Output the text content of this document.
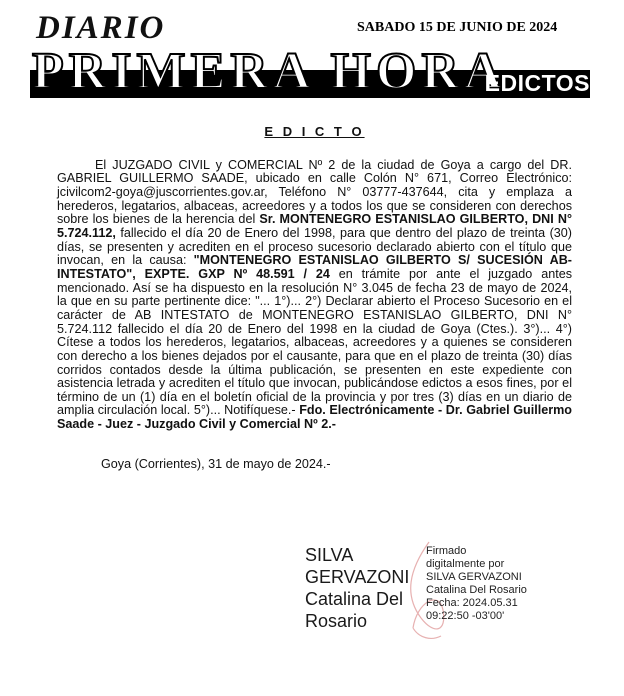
DIARIO	SABADO 15 DE JUNIO DE 2024
PRIMERA HORA
EDICTOS
E D I C T O

El JUZGADO CIVIL y COMERCIAL Nº 2 de la ciudad de Goya a cargo del DR. GABRIEL GUILLERMO SAADE, ubicado en calle Colón N° 671, Correo Electrónico: jcivilcom2-goya@juscorrientes.gov.ar, Teléfono N° 03777-437644, cita y emplaza a herederos, legatarios, albaceas, acreedores y a todos los que se consideren con derechos sobre los bienes de la herencia del Sr. MONTENEGRO ESTANISLAO GILBERTO, DNI N° 5.724.112, fallecido el día 20 de Enero del 1998, para que dentro del plazo de treinta (30) días, se presenten y acrediten en el proceso sucesorio declarado abierto con el título que invocan, en la causa: "MONTENEGRO ESTANISLAO GILBERTO S/ SUCESIÓN AB-INTESTATO", EXPTE. GXP Nº 48.591 / 24 en trámite por ante el juzgado antes mencionado. Así se ha dispuesto en la resolución N° 3.045 de fecha 23 de mayo de 2024, la que en su parte pertinente dice: "... 1°)... 2°) Declarar abierto el Proceso Sucesorio en el carácter de AB INTESTATO de MONTENEGRO ESTANISLAO GILBERTO, DNI N° 5.724.112 fallecido el día 20 de Enero del 1998 en la ciudad de Goya (Ctes.). 3°)... 4°) Cítese a todos los herederos, legatarios, albaceas, acreedores y a quienes se consideren con derecho a los bienes dejados por el causante, para que en el plazo de treinta (30) días corridos contados desde la última publicación, se presenten en este expediente con asistencia letrada y acrediten el título que invocan, publicándose edictos a esos fines, por el término de un (1) día en el boletín oficial de la provincia y por tres (3) días en un diario de amplia circulación local. 5°)... Notifíquese.- Fdo. Electrónicamente - Dr. Gabriel Guillermo Saade - Juez - Juzgado Civil y Comercial Nº 2.-

Goya (Corrientes), 31 de mayo de 2024.-
SILVA
GERVAZONI
Catalina Del
Rosario
Firmado
digitalmente por
SILVA GERVAZONI
Catalina Del Rosario
Fecha: 2024.05.31
09:22:50 -03'00'
